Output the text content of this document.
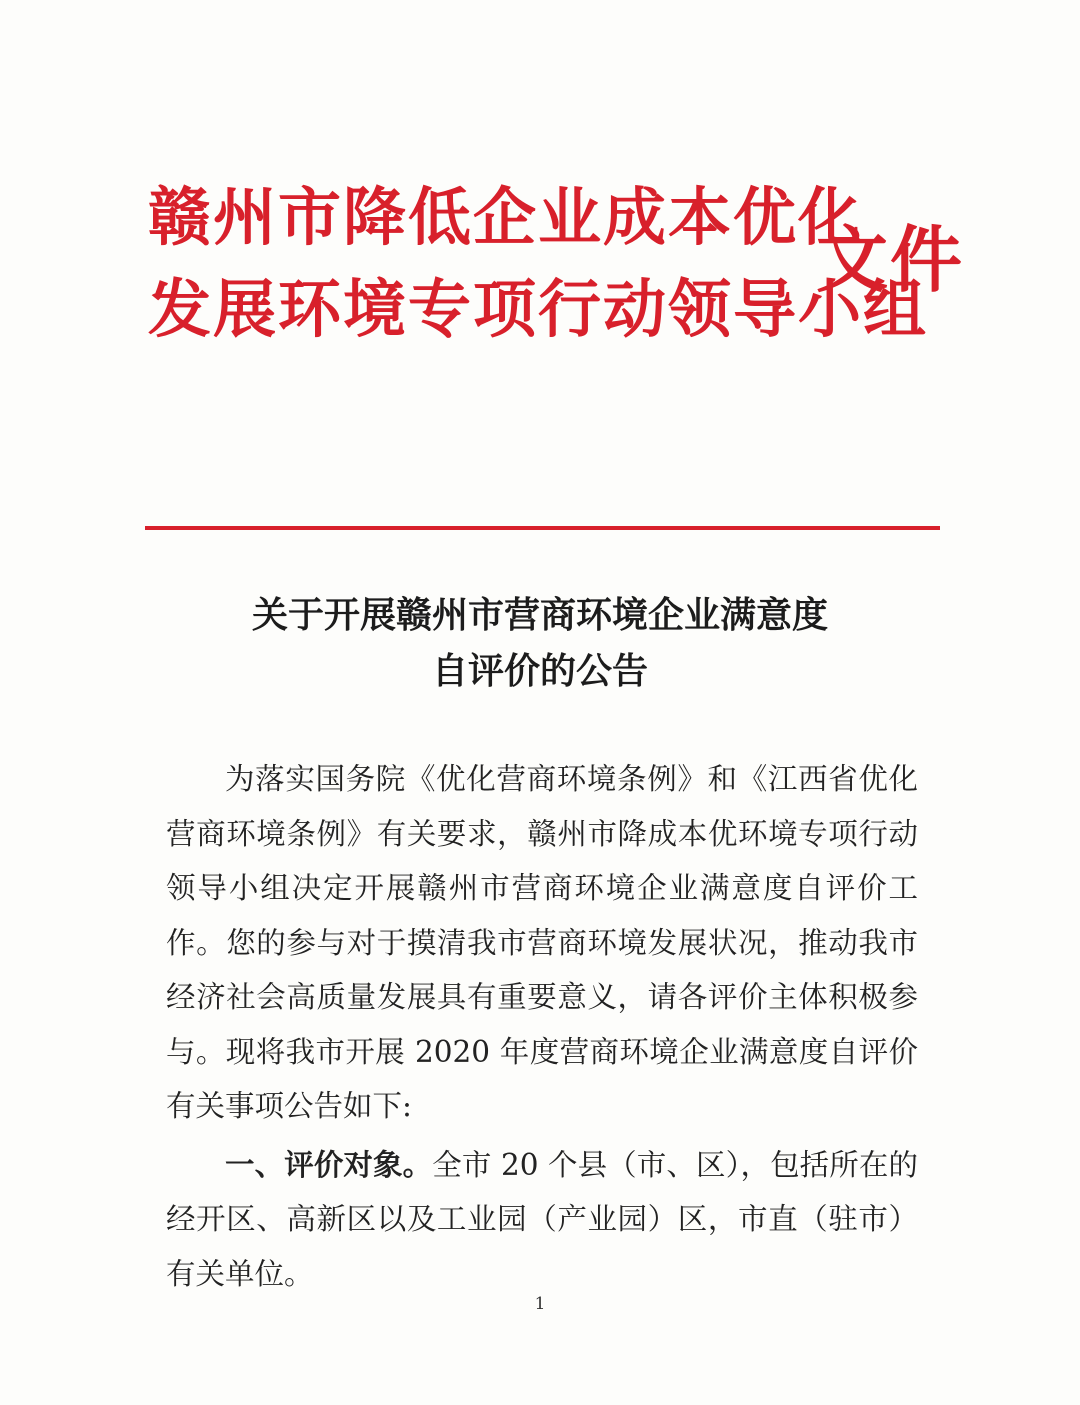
赣州市降低企业成本优化
发展环境专项行动领导小组
文件
关于开展赣州市营商环境企业满意度
自评价的公告

为落实国务院《优化营商环境条例》和《江西省优化营商环境条例》有关要求，赣州市降成本优环境专项行动领导小组决定开展赣州市营商环境企业满意度自评价工作。您的参与对于摸清我市营商环境发展状况，推动我市经济社会高质量发展具有重要意义，请各评价主体积极参与。现将我市开展 2020 年度营商环境企业满意度自评价有关事项公告如下:

一、评价对象。全市 20 个县（市、区），包括所在的经开区、高新区以及工业园（产业园）区，市直（驻市）有关单位。

1
